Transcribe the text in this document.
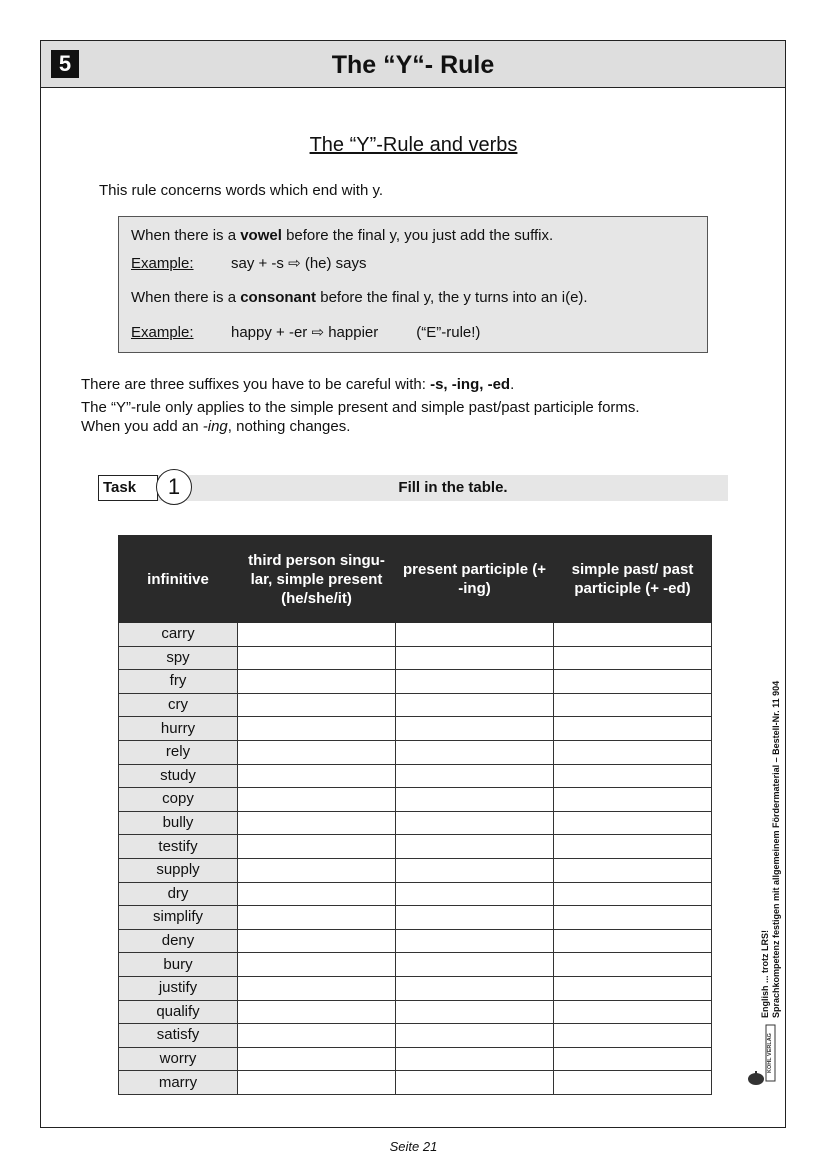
5	The “Y“- Rule
The “Y”-Rule and verbs
This rule concerns words which end with y.
When there is a vowel before the final y, you just add the suffix.
Example: say + -s ⇨ (he) says
When there is a consonant before the final y, the y turns into an i(e).
Example: happy + -er ⇨ happier	(“E”-rule!)
There are three suffixes you have to be careful with: -s, -ing, -ed.
The “Y”-rule only applies to the simple present and simple past/past participle forms.
When you add an -ing, nothing changes.
Fill in the table.
Task	1
infinitive	third person singu-lar, simple present (he/she/it)	present participle (+ -ing)	simple past/ past participle (+ -ed)
carry			
spy			
fry			
cry			
hurry			
rely			
study			
copy			
bully			
testify			
supply			
dry			
simplify			
deny			
bury			
justify			
qualify			
satisfy			
worry			
marry			
English ... trotz LRS! Sprachkompetenz festigen mit allgemeinem Fördermaterial – Bestell-Nr. 11 904
KOHL VERLAG
Seite 21
